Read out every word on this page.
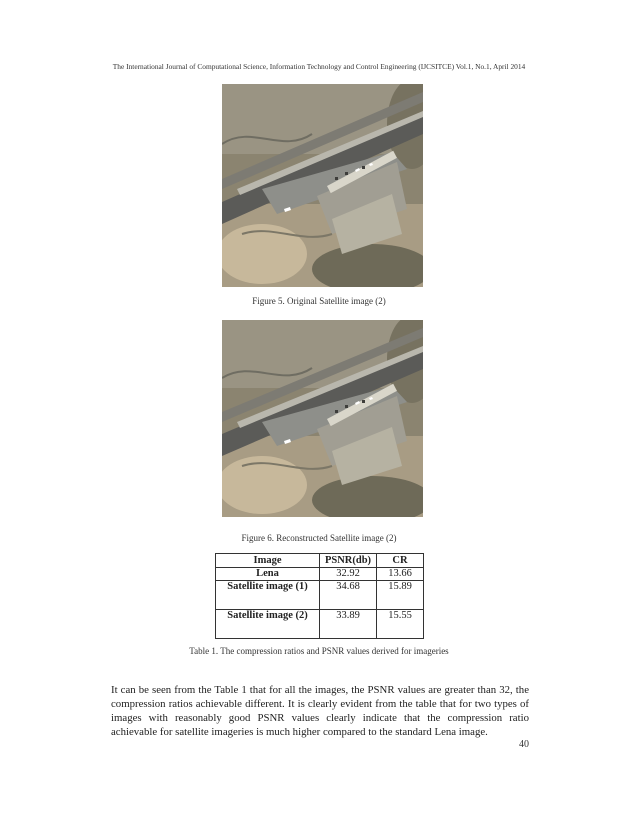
The International Journal of Computational Science, Information Technology and Control Engineering (IJCSITCE) Vol.1, No.1, April 2014
Figure 5. Original Satellite image (2)
Figure 6. Reconstructed Satellite image (2)
Image	PSNR(db)	CR
Lena	32.92	13.66
Satellite image (1)	34.68	15.89
Satellite image (2)	33.89	15.55
Table 1. The compression ratios and PSNR values derived for imageries

It can be seen from the Table 1 that for all the images, the PSNR values are greater than 32, the compression ratios achievable different. It is clearly evident from the table that for two types of images with reasonably good PSNR values clearly indicate that the compression ratio achievable for satellite imageries is much higher compared to the standard Lena image.

40
